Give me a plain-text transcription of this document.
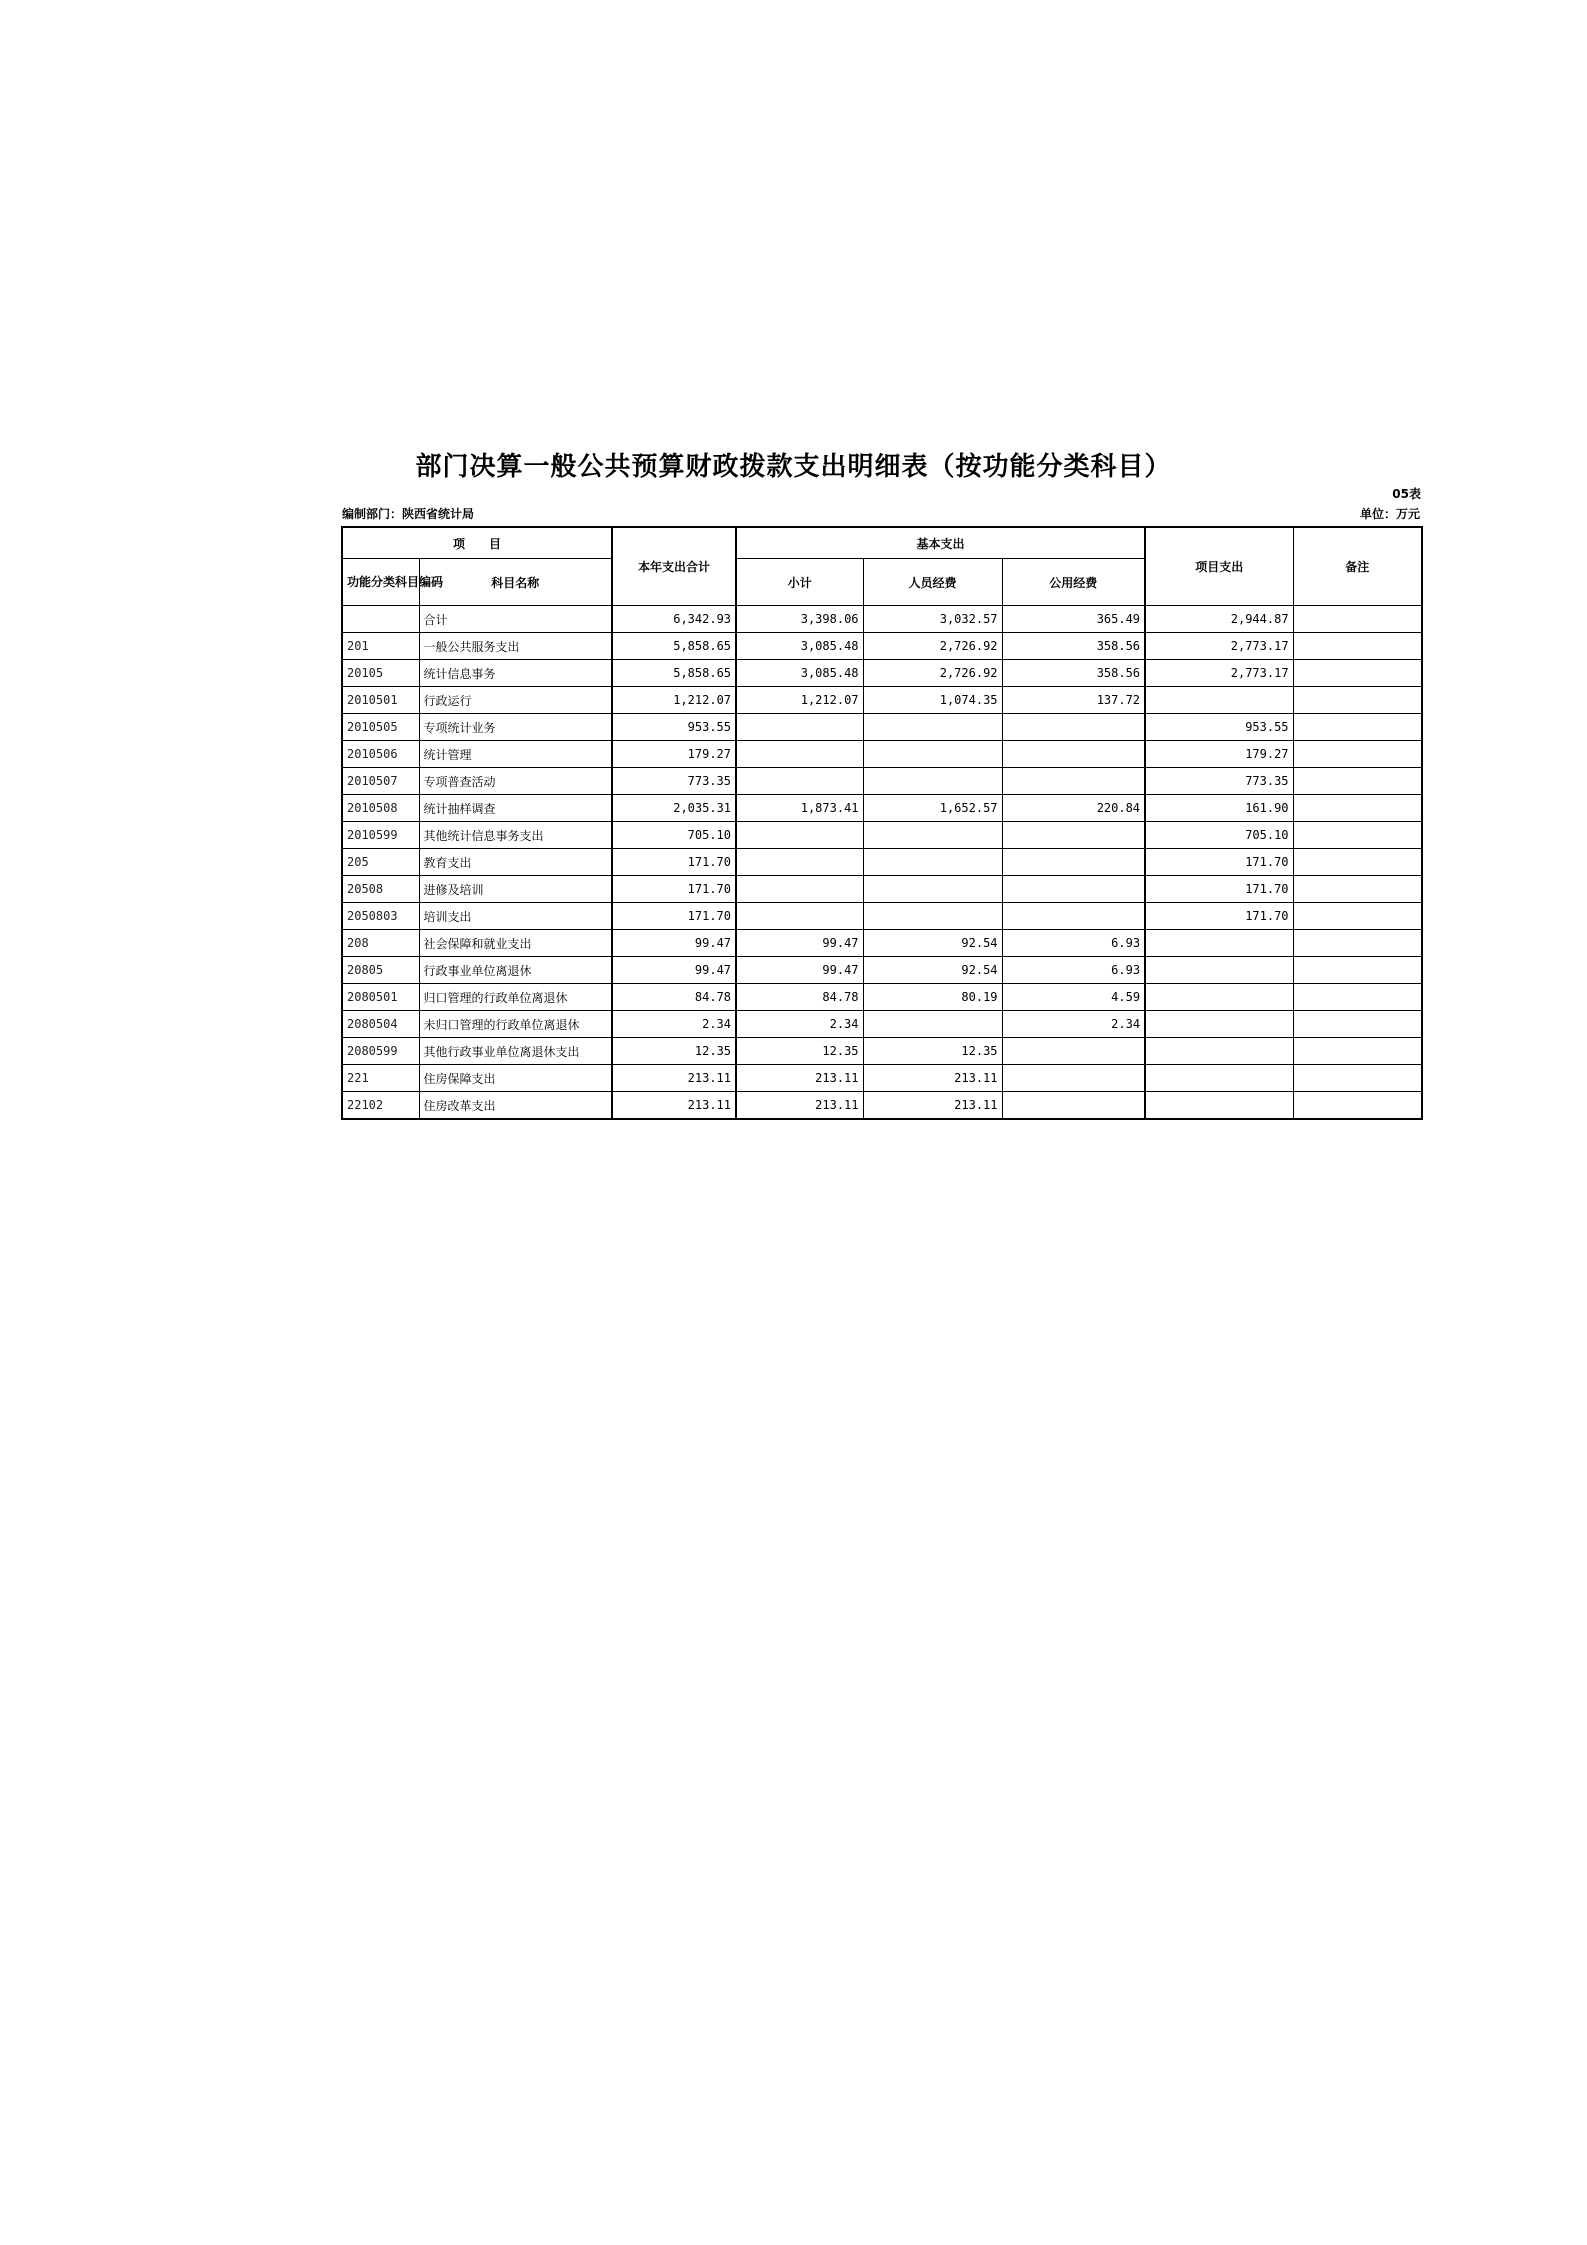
部门决算一般公共预算财政拨款支出明细表（按功能分类科目）
05表
编制部门：陕西省统计局	单位：万元
项　　目		本年支出合计	基本支出			项目支出	备注
功能分类科目编码	科目名称		小计	人员经费	公用经费		
	合计	6,342.93	3,398.06	3,032.57	365.49	2,944.87	
201	一般公共服务支出	5,858.65	3,085.48	2,726.92	358.56	2,773.17	
20105	统计信息事务	5,858.65	3,085.48	2,726.92	358.56	2,773.17	
2010501	行政运行	1,212.07	1,212.07	1,074.35	137.72		
2010505	专项统计业务	953.55				953.55	
2010506	统计管理	179.27				179.27	
2010507	专项普查活动	773.35				773.35	
2010508	统计抽样调查	2,035.31	1,873.41	1,652.57	220.84	161.90	
2010599	其他统计信息事务支出	705.10				705.10	
205	教育支出	171.70				171.70	
20508	进修及培训	171.70				171.70	
2050803	培训支出	171.70				171.70	
208	社会保障和就业支出	99.47	99.47	92.54	6.93		
20805	行政事业单位离退休	99.47	99.47	92.54	6.93		
2080501	归口管理的行政单位离退休	84.78	84.78	80.19	4.59		
2080504	未归口管理的行政单位离退休	2.34	2.34		2.34		
2080599	其他行政事业单位离退休支出	12.35	12.35	12.35			
221	住房保障支出	213.11	213.11	213.11			
22102	住房改革支出	213.11	213.11	213.11			
